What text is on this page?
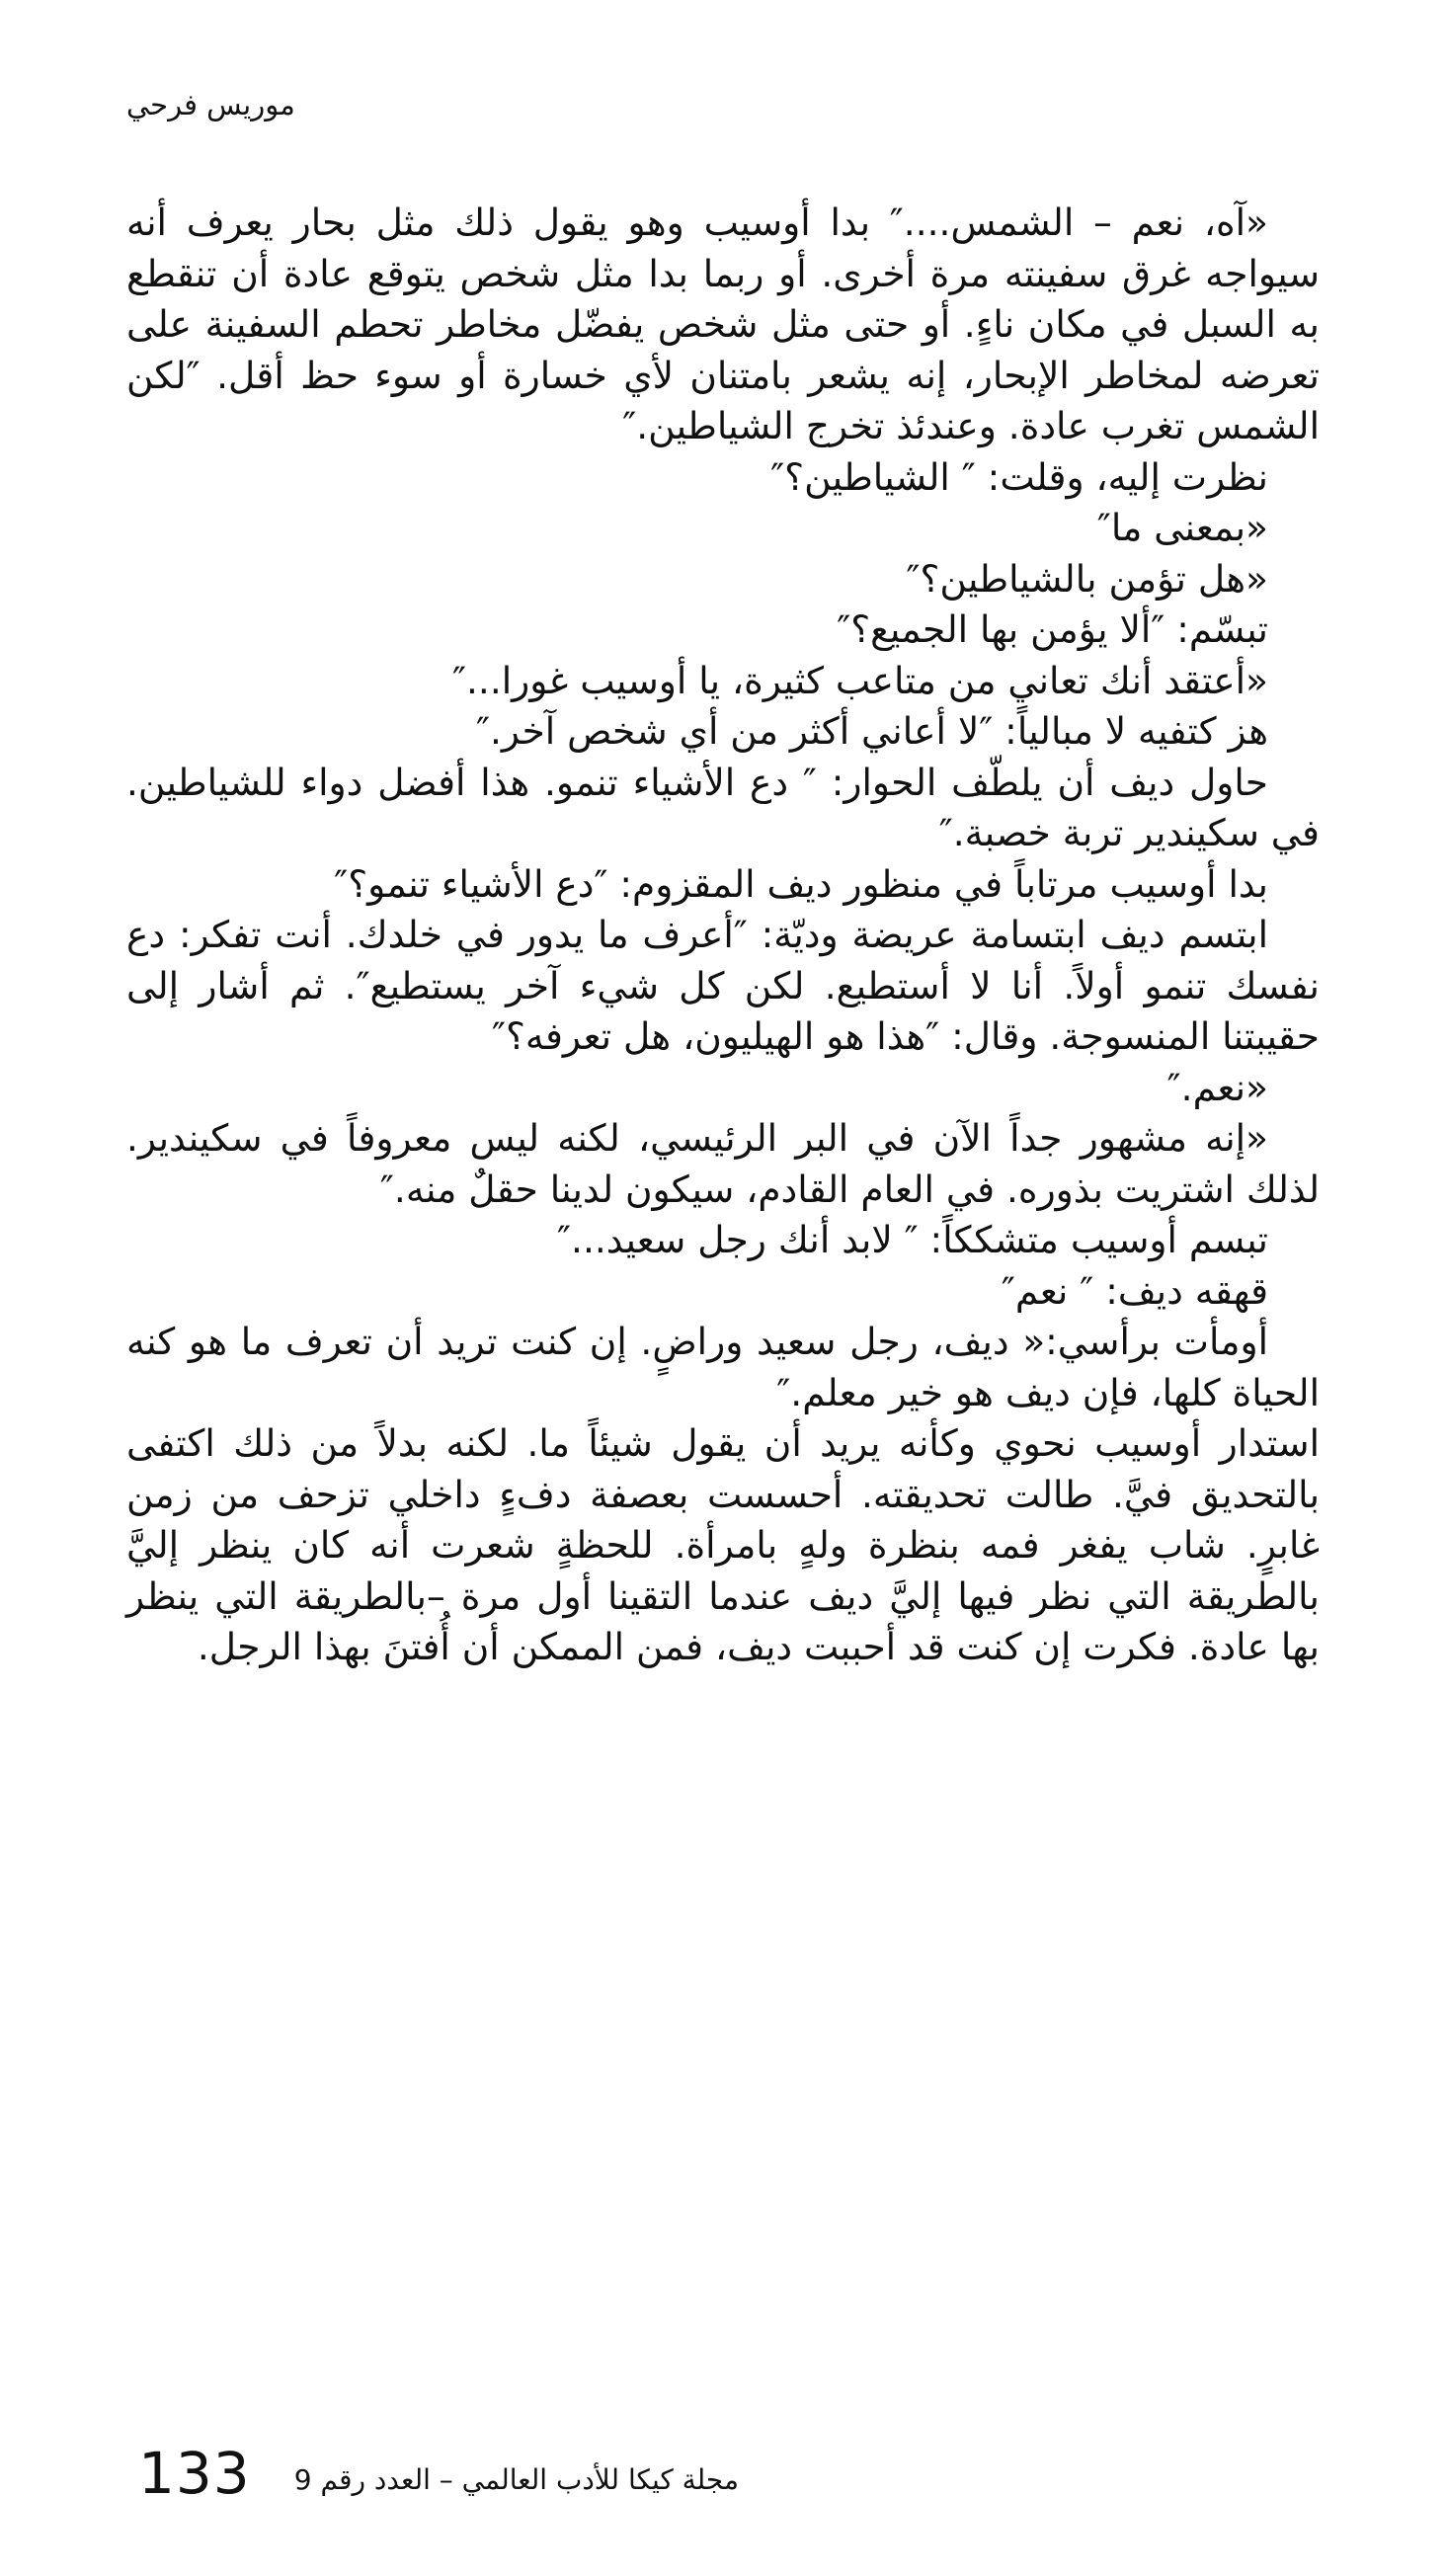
موريس فرحي

«آه، نعم – الشمس....″ بدا أوسيب وهو يقول ذلك مثل بحار يعرف أنه سيواجه غرق سفينته مرة أخرى. أو ربما بدا مثل شخص يتوقع عادة أن تنقطع به السبل في مكان ناءٍ. أو حتى مثل شخص يفضّل مخاطر تحطم السفينة على تعرضه لمخاطر الإبحار، إنه يشعر بامتنان لأي خسارة أو سوء حظ أقل. ″لكن الشمس تغرب عادة. وعندئذ تخرج الشياطين.″

نظرت إليه، وقلت: ″ الشياطين؟″

«بمعنى ما″

«هل تؤمن بالشياطين؟″

تبسّم: ″ألا يؤمن بها الجميع؟″

«أعتقد أنك تعاني من متاعب كثيرة، يا أوسيب غورا...″

هز كتفيه لا مبالياً: ″لا أعاني أكثر من أي شخص آخر.″

حاول ديف أن يلطّف الحوار: ″ دع الأشياء تنمو. هذا أفضل دواء للشياطين. في سكيندير تربة خصبة.″

بدا أوسيب مرتاباً في منظور ديف المقزوم: ″دع الأشياء تنمو؟″

ابتسم ديف ابتسامة عريضة وديّة: ″أعرف ما يدور في خلدك. أنت تفكر: دع نفسك تنمو أولاً. أنا لا أستطيع. لكن كل شيء آخر يستطيع″. ثم أشار إلى حقيبتنا المنسوجة. وقال: ″هذا هو الهيليون، هل تعرفه؟″

«نعم.″

«إنه مشهور جداً الآن في البر الرئيسي، لكنه ليس معروفاً في سكيندير. لذلك اشتريت بذوره. في العام القادم، سيكون لدينا حقلٌ منه.″

تبسم أوسيب متشككاً: ″ لابد أنك رجل سعيد...″

قهقه ديف: ″ نعم″

أومأت برأسي:« ديف، رجل سعيد وراضٍ. إن كنت تريد أن تعرف ما هو كنه الحياة كلها، فإن ديف هو خير معلم.″

استدار أوسيب نحوي وكأنه يريد أن يقول شيئاً ما. لكنه بدلاً من ذلك اكتفى بالتحديق فيَّ. طالت تحديقته. أحسست بعصفة دفءٍ داخلي تزحف من زمن غابرٍ. شاب يفغر فمه بنظرة ولهٍ بامرأة. للحظةٍ شعرت أنه كان ينظر إليَّ بالطريقة التي نظر فيها إليَّ ديف عندما التقينا أول مرة –بالطريقة التي ينظر بها عادة. فكرت إن كنت قد أحببت ديف، فمن الممكن أن أُفتنَ بهذا الرجل.

133 مجلة كيكا للأدب العالمي – العدد رقم 9
